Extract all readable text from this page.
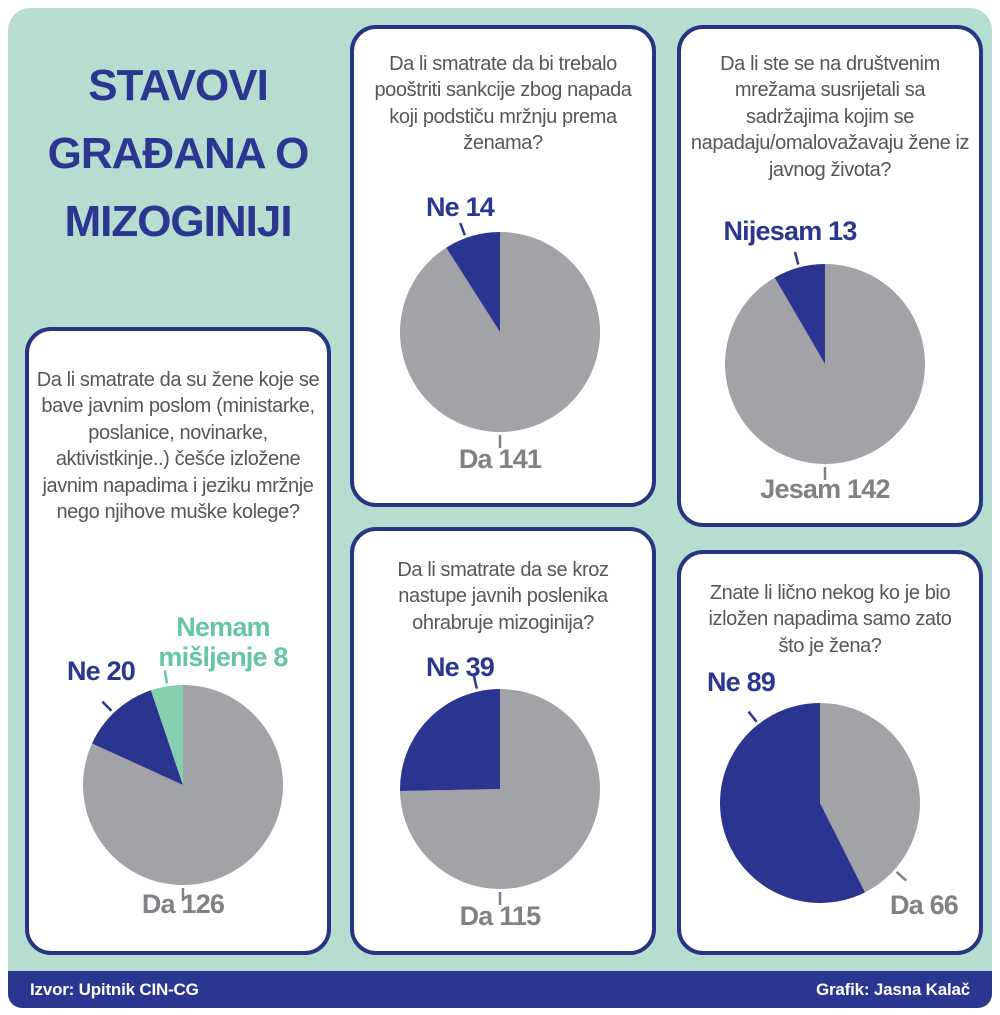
STAVOVI
GRAĐANA O
MIZOGINIJI
Da li smatrate da su žene koje se bave javnim poslom (ministarke, poslanice, novinarke, aktivistkinje..) češće izložene javnim napadima i jeziku mržnje nego njihove muške kolege?
Ne 20
Nemam mišljenje 8
Da 126
Da li smatrate da bi trebalo pooštriti sankcije zbog napada koji podstiču mržnju prema ženama?
Ne 14
Da 141
Da li ste se na društvenim mrežama susrijetali sa sadržajima kojim se napadaju/omalovažavaju žene iz javnog života?
Nijesam 13
Jesam 142
Da li smatrate da se kroz nastupe javnih poslenika ohrabruje mizoginija?
Ne 39
Da 115
Znate li lično nekog ko je bio izložen napadima samo zato što je žena?
Ne 89
Da 66
Izvor: Upitnik CIN-CG	Grafik: Jasna Kalač
